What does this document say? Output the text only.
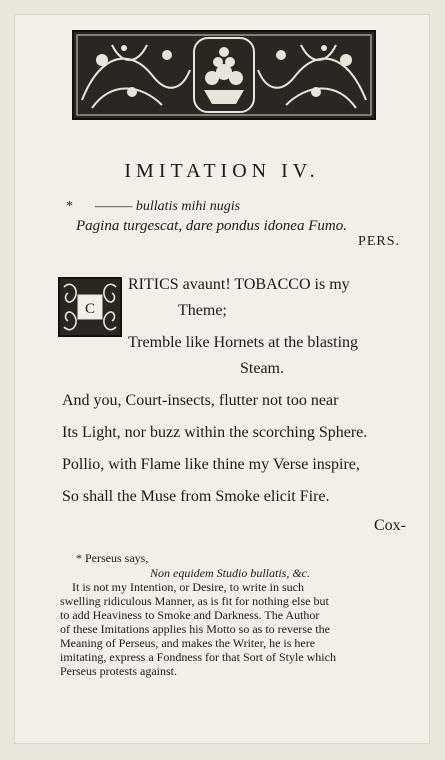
IMITATION IV.
* ——— bullatis mihi nugis
Pagina turgescat, dare pondus idonea Fumo.
PERS.
C
RITICS avaunt! TOBACCO is my
Theme;
Tremble like Hornets at the blasting
Steam.
And you, Court-insects, flutter not too near
Its Light, nor buzz within the scorching Sphere.
Pollio, with Flame like thine my Verse inspire,
So shall the Muse from Smoke elicit Fire.
Cox-
* Perseus says,
Non equidem Studio bullatis, &c.
It is not my Intention, or Desire, to write in such
swelling ridiculous Manner, as is fit for nothing else but
to add Heaviness to Smoke and Darkness. The Author
of these Imitations applies his Motto so as to reverse the
Meaning of Perseus, and makes the Writer, he is here
imitating, express a Fondness for that Sort of Style which
Perseus protests against.
